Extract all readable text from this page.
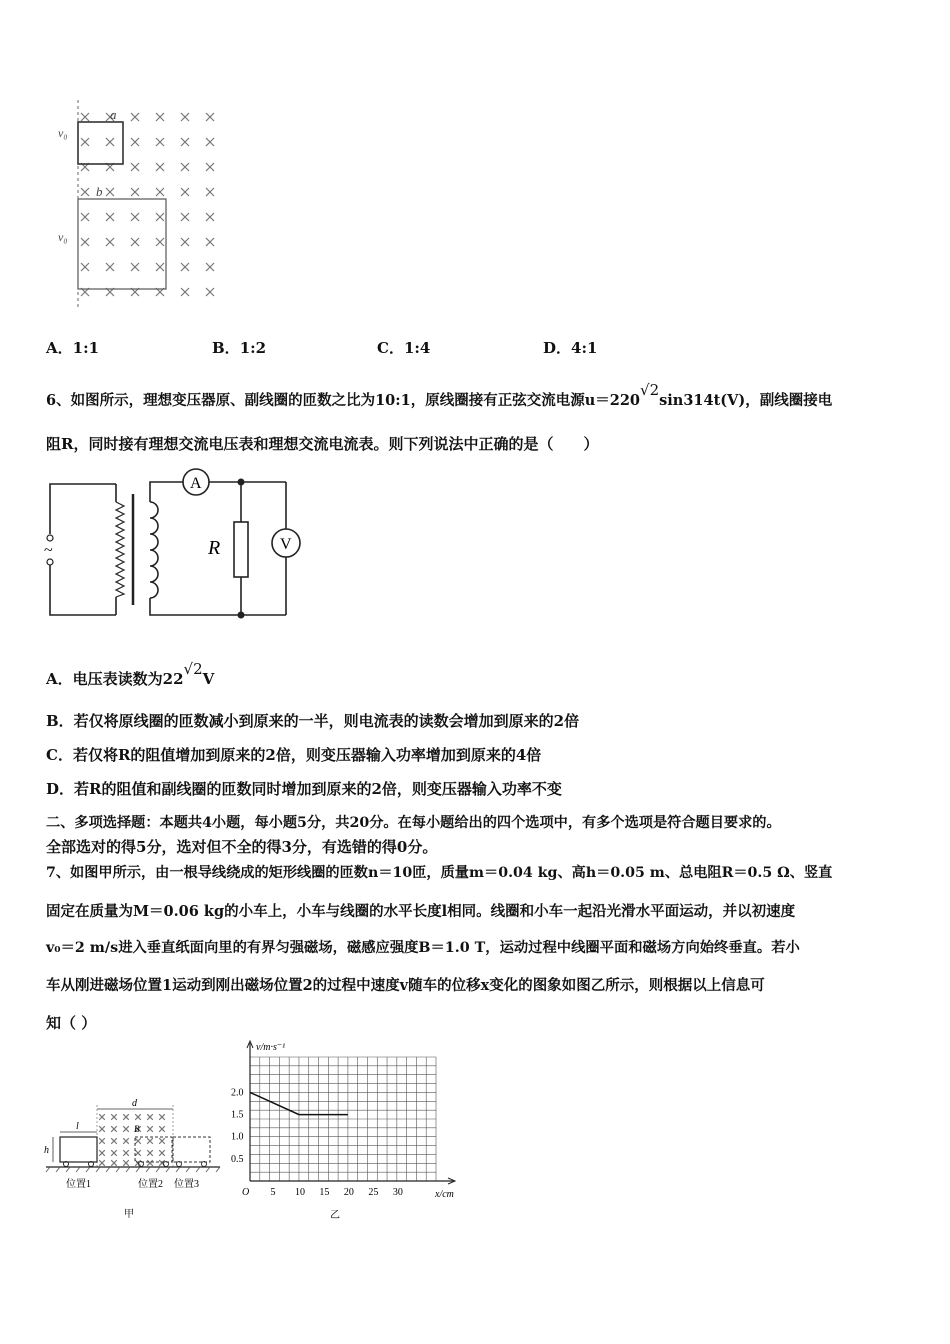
a
b
v₀
v₀
A．1:1	B．1:2	C．1:4	D．4:1
6、如图所示，理想变压器原、副线圈的匝数之比为10:1，原线圈接有正弦交流电源$u=220^{√2}\sin 314t(V)$，副线圈接电
阻R，同时接有理想交流电压表和理想交流电流表。则下列说法中正确的是（　　）
~
A
V
R
A．电压表读数为$22^{√2}V$
B．若仅将原线圈的匝数减小到原来的一半，则电流表的读数会增加到原来的2倍
C．若仅将R的阻值增加到原来的2倍，则变压器输入功率增加到原来的4倍
D．若R的阻值和副线圈的匝数同时增加到原来的2倍，则变压器输入功率不变
二、多项选择题：本题共4小题，每小题5分，共20分。在每小题给出的四个选项中，有多个选项是符合题目要求的。
全部选对的得5分，选对但不全的得3分，有选错的得0分。
7、如图甲所示，由一根导线绕成的矩形线圈的匝数n＝10匝，质量m＝0.04 kg、高h＝0.05 m、总电阻R＝0.5 Ω、竖直
固定在质量为M＝0.06 kg的小车上，小车与线圈的水平长度l相同。线圈和小车一起沿光滑水平面运动，并以初速度
v₀＝2 m/s进入垂直纸面向里的有界匀强磁场，磁感应强度B＝1.0 T，运动过程中线圈平面和磁场方向始终垂直。若小
车从刚进磁场位置1运动到刚出磁场位置2的过程中速度v随车的位移x变化的图象如图乙所示，则根据以上信息可
知（ ）
d
l
h
B
位置1	位置2 位置3
甲
5 10 15 20 25 30
0.5
1.0
1.5
2.0
v/m·s⁻¹
x/cm
O
乙
